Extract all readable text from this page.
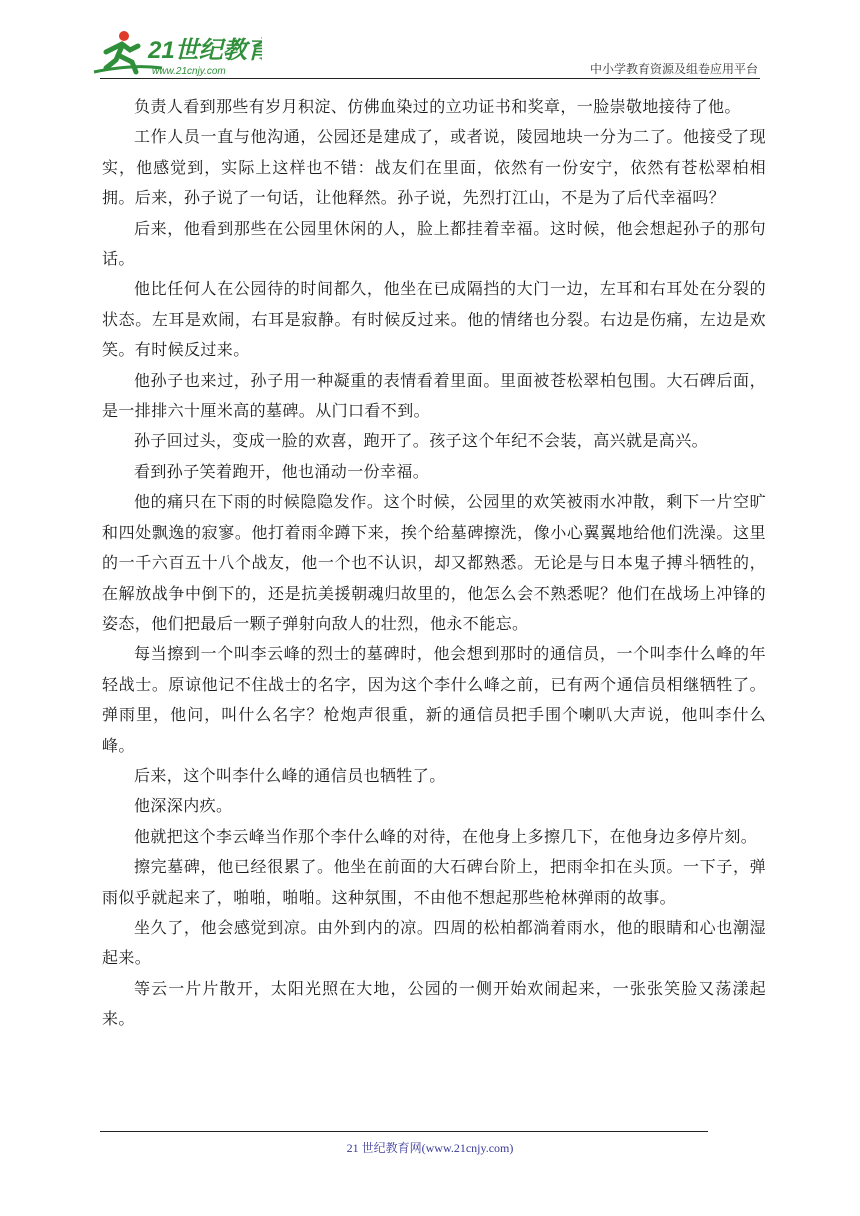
21世纪教育
www.21cnjy.com	中小学教育资源及组卷应用平台

负责人看到那些有岁月积淀、仿佛血染过的立功证书和奖章，一脸崇敬地接待了他。

工作人员一直与他沟通，公园还是建成了，或者说，陵园地块一分为二了。他接受了现实，他感觉到，实际上这样也不错：战友们在里面，依然有一份安宁，依然有苍松翠柏相拥。后来，孙子说了一句话，让他释然。孙子说，先烈打江山，不是为了后代幸福吗？

后来，他看到那些在公园里休闲的人，脸上都挂着幸福。这时候，他会想起孙子的那句话。

他比任何人在公园待的时间都久，他坐在已成隔挡的大门一边，左耳和右耳处在分裂的状态。左耳是欢闹，右耳是寂静。有时候反过来。他的情绪也分裂。右边是伤痛，左边是欢笑。有时候反过来。

他孙子也来过，孙子用一种凝重的表情看着里面。里面被苍松翠柏包围。大石碑后面，是一排排六十厘米高的墓碑。从门口看不到。

孙子回过头，变成一脸的欢喜，跑开了。孩子这个年纪不会装，高兴就是高兴。

看到孙子笑着跑开，他也涌动一份幸福。

他的痛只在下雨的时候隐隐发作。这个时候，公园里的欢笑被雨水冲散，剩下一片空旷和四处飘逸的寂寥。他打着雨伞蹲下来，挨个给墓碑擦洗，像小心翼翼地给他们洗澡。这里的一千六百五十八个战友，他一个也不认识，却又都熟悉。无论是与日本鬼子搏斗牺牲的，在解放战争中倒下的，还是抗美援朝魂归故里的，他怎么会不熟悉呢？他们在战场上冲锋的姿态，他们把最后一颗子弹射向敌人的壮烈，他永不能忘。

每当擦到一个叫李云峰的烈士的墓碑时，他会想到那时的通信员，一个叫李什么峰的年轻战士。原谅他记不住战士的名字，因为这个李什么峰之前，已有两个通信员相继牺牲了。弹雨里，他问，叫什么名字？枪炮声很重，新的通信员把手围个喇叭大声说，他叫李什么峰。

后来，这个叫李什么峰的通信员也牺牲了。

他深深内疚。

他就把这个李云峰当作那个李什么峰的对待，在他身上多擦几下，在他身边多停片刻。

擦完墓碑，他已经很累了。他坐在前面的大石碑台阶上，把雨伞扣在头顶。一下子，弹雨似乎就起来了，啪啪，啪啪。这种氛围，不由他不想起那些枪林弹雨的故事。

坐久了，他会感觉到凉。由外到内的凉。四周的松柏都淌着雨水，他的眼睛和心也潮湿起来。

等云一片片散开，太阳光照在大地，公园的一侧开始欢闹起来，一张张笑脸又荡漾起来。

21 世纪教育网(www.21cnjy.com)
